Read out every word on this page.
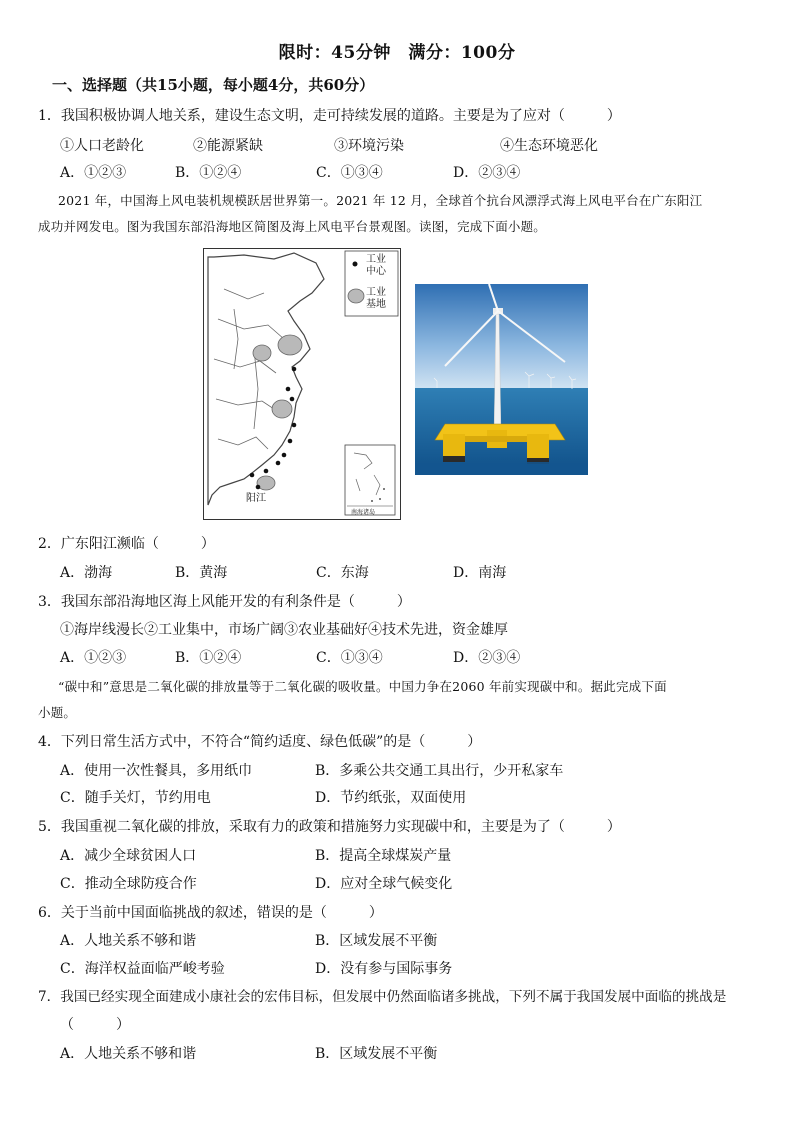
限时：45分钟　满分：100分
一、选择题（共15小题，每小题4分，共60分）
1．我国积极协调人地关系，建设生态文明，走可持续发展的道路。主要是为了应对（　　　）
①人口老龄化	②能源紧缺	③环境污染	④生态环境恶化
A．①②③	B．①②④	C．①③④	D．②③④
2021 年，中国海上风电装机规模跃居世界第一。2021 年 12 月，全球首个抗台风漂浮式海上风电平台在广东阳江
成功并网发电。图为我国东部沿海地区简图及海上风电平台景观图。读图，完成下面小题。
工业
中心
工业
基地
阳江
南海诸岛
2．广东阳江濒临（　　　）
A．渤海	B．黄海	C．东海	D．南海
3．我国东部沿海地区海上风能开发的有利条件是（　　　）
①海岸线漫长②工业集中，市场广阔③农业基础好④技术先进，资金雄厚
A．①②③	B．①②④	C．①③④	D．②③④
“碳中和”意思是二氧化碳的排放量等于二氧化碳的吸收量。中国力争在2060 年前实现碳中和。据此完成下面
小题。
4．下列日常生活方式中，不符合“简约适度、绿色低碳”的是（　　　）
A．使用一次性餐具，多用纸巾	B．多乘公共交通工具出行，少开私家车
C．随手关灯，节约用电	D．节约纸张，双面使用
5．我国重视二氧化碳的排放，采取有力的政策和措施努力实现碳中和，主要是为了（　　　）
A．减少全球贫困人口	B．提高全球煤炭产量
C．推动全球防疫合作	D．应对全球气候变化
6．关于当前中国面临挑战的叙述，错误的是（　　　）
A．人地关系不够和谐	B．区域发展不平衡
C．海洋权益面临严峻考验	D．没有参与国际事务
7．我国已经实现全面建成小康社会的宏伟目标，但发展中仍然面临诸多挑战，下列不属于我国发展中面临的挑战是
（　　　）
A．人地关系不够和谐	B．区域发展不平衡
